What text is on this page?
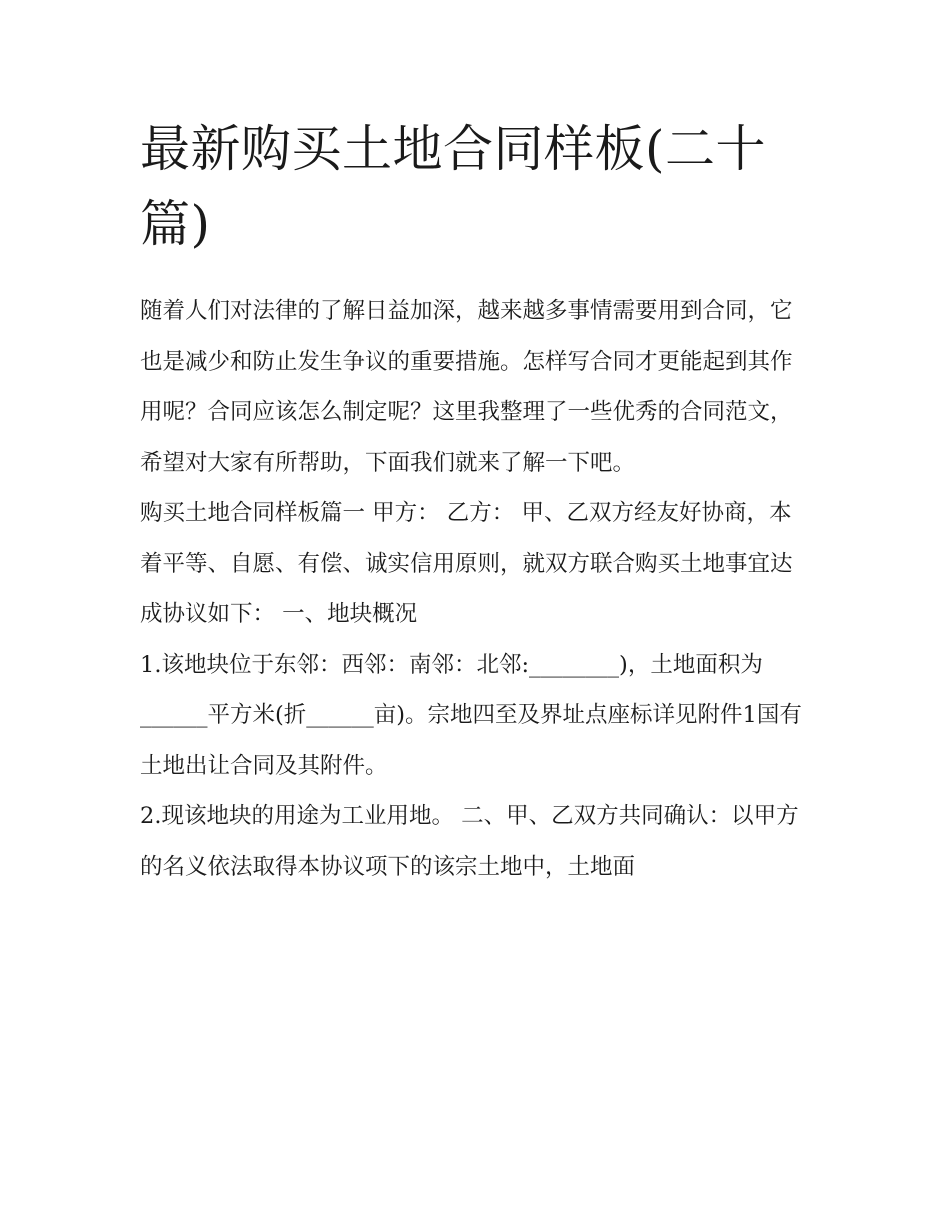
最新购买土地合同样板(二十篇)

随着人们对法律的了解日益加深，越来越多事情需要用到合同，它也是减少和防止发生争议的重要措施。怎样写合同才更能起到其作用呢？合同应该怎么制定呢？这里我整理了一些优秀的合同范文，希望对大家有所帮助，下面我们就来了解一下吧。

购买土地合同样板篇一 甲方： 乙方： 甲、乙双方经友好协商，本着平等、自愿、有偿、诚实信用原则，就双方联合购买土地事宜达成协议如下： 一、地块概况

1.该地块位于东邻：西邻：南邻：北邻:________)，土地面积为______平方米(折______亩)。宗地四至及界址点座标详见附件1国有土地出让合同及其附件。

2.现该地块的用途为工业用地。 二、甲、乙双方共同确认：以甲方的名义依法取得本协议项下的该宗土地中，土地面
